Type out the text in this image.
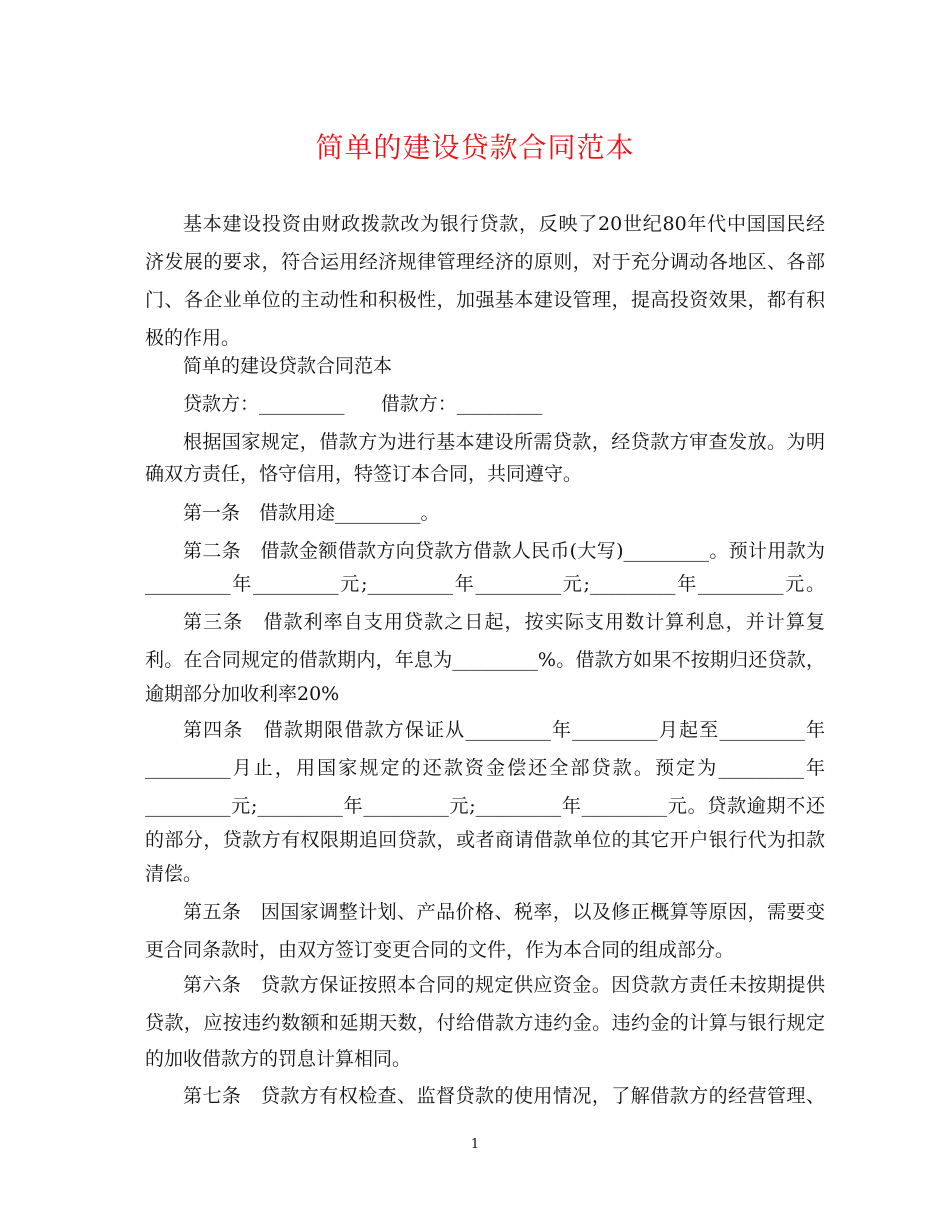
简单的建设贷款合同范本

基本建设投资由财政拨款改为银行贷款，反映了20世纪80年代中国国民经

济发展的要求，符合运用经济规律管理经济的原则，对于充分调动各地区、各部

门、各企业单位的主动性和积极性，加强基本建设管理，提高投资效果，都有积

极的作用。

简单的建设贷款合同范本

贷款方：_________      借款方：_________

根据国家规定，借款方为进行基本建设所需贷款，经贷款方审查发放。为明

确双方责任，恪守信用，特签订本合同，共同遵守。

第一条　借款用途_________。

第二条　借款金额借款方向贷款方借款人民币(大写)_________。预计用款为

_________年_________元;_________年_________元;_________年_________元。

第三条　借款利率自支用贷款之日起，按实际支用数计算利息，并计算复

利。在合同规定的借款期内，年息为_________%。借款方如果不按期归还贷款，

逾期部分加收利率20%

第四条　借款期限借款方保证从_________年_________月起至_________年

_________月止，用国家规定的还款资金偿还全部贷款。预定为_________年

_________元;_________年_________元;_________年_________元。贷款逾期不还

的部分，贷款方有权限期追回贷款，或者商请借款单位的其它开户银行代为扣款

清偿。

第五条　因国家调整计划、产品价格、税率，以及修正概算等原因，需要变

更合同条款时，由双方签订变更合同的文件，作为本合同的组成部分。

第六条　贷款方保证按照本合同的规定供应资金。因贷款方责任未按期提供

贷款，应按违约数额和延期天数，付给借款方违约金。违约金的计算与银行规定

的加收借款方的罚息计算相同。

第七条　贷款方有权检查、监督贷款的使用情况，了解借款方的经营管理、

1
